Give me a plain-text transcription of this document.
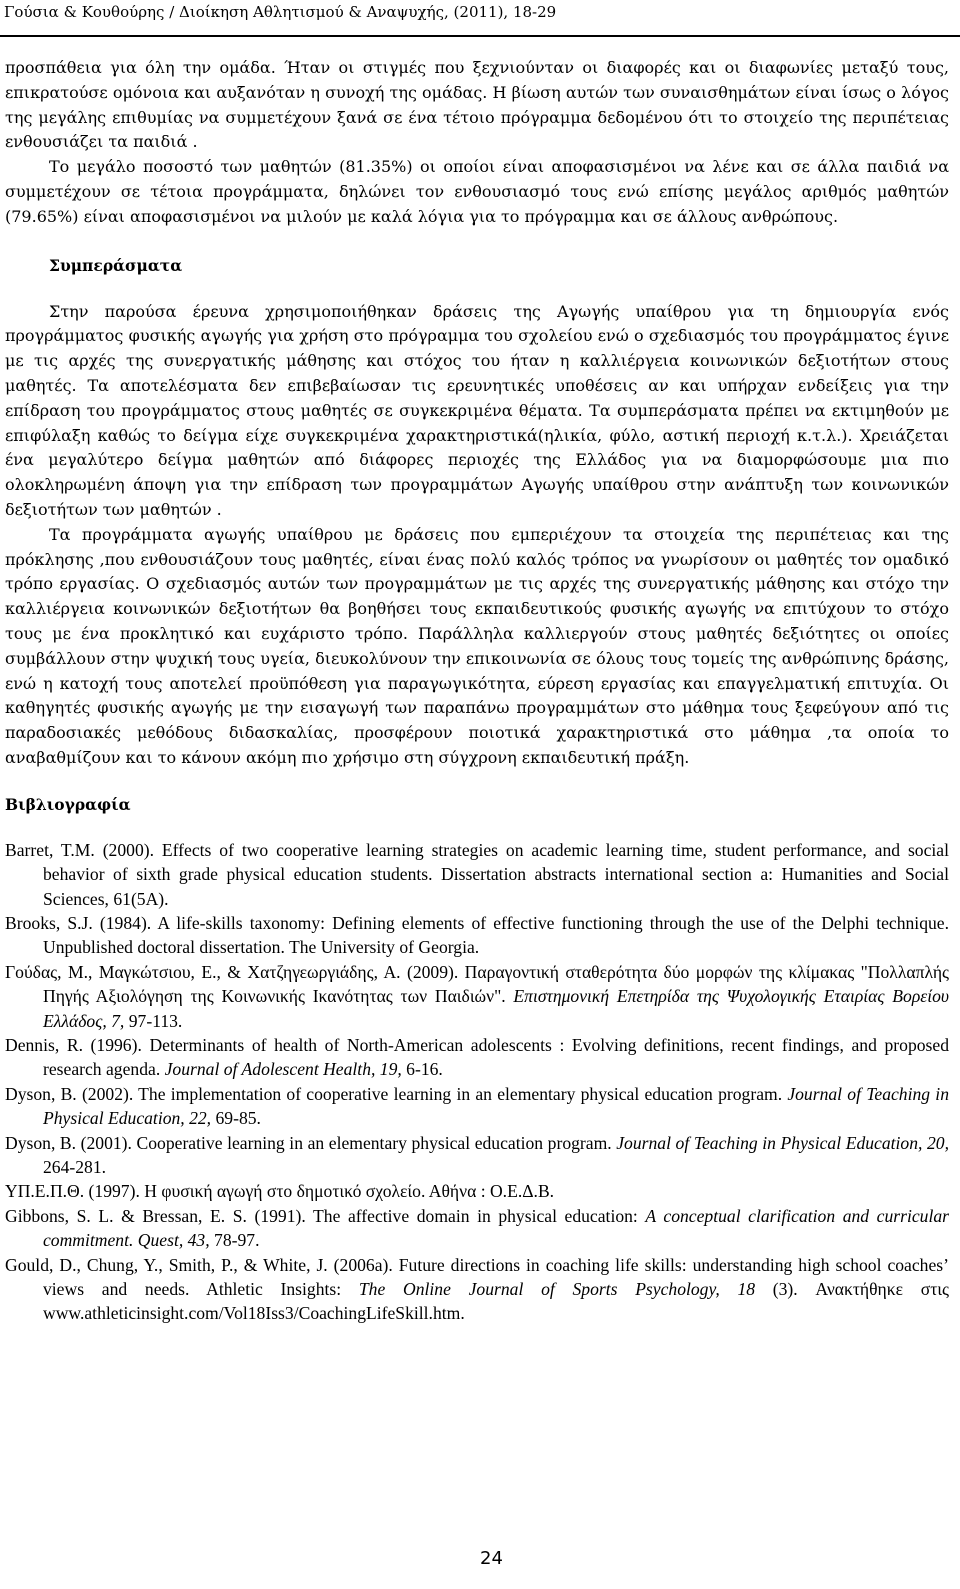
Γούσια & Κουθούρης / Διοίκηση Αθλητισμού & Αναψυχής, (2011), 18-29

προσπάθεια για όλη την ομάδα. Ήταν οι στιγμές που ξεχνιούνταν οι διαφορές και οι διαφωνίες μεταξύ τους, επικρατούσε ομόνοια και αυξανόταν η συνοχή της ομάδας. Η βίωση αυτών των συναισθημάτων είναι ίσως ο λόγος της μεγάλης επιθυμίας να συμμετέχουν ξανά σε ένα τέτοιο πρόγραμμα δεδομένου ότι το στοιχείο της περιπέτειας ενθουσιάζει τα παιδιά .

Το μεγάλο ποσοστό των μαθητών (81.35%) οι οποίοι είναι αποφασισμένοι να λένε και σε άλλα παιδιά να συμμετέχουν σε τέτοια προγράμματα, δηλώνει τον ενθουσιασμό τους ενώ επίσης μεγάλος αριθμός μαθητών (79.65%) είναι αποφασισμένοι να μιλούν με καλά λόγια για το πρόγραμμα και σε άλλους ανθρώπους.

Συμπεράσματα

Στην παρούσα έρευνα χρησιμοποιήθηκαν δράσεις της Αγωγής υπαίθρου για τη δημιουργία ενός προγράμματος φυσικής αγωγής για χρήση στο πρόγραμμα του σχολείου ενώ ο σχεδιασμός του προγράμματος έγινε με τις αρχές της συνεργατικής μάθησης και στόχος του ήταν η καλλιέργεια κοινωνικών δεξιοτήτων στους μαθητές. Τα αποτελέσματα δεν επιβεβαίωσαν τις ερευνητικές υποθέσεις αν και υπήρχαν ενδείξεις για την επίδραση του προγράμματος στους μαθητές σε συγκεκριμένα θέματα. Τα συμπεράσματα πρέπει να εκτιμηθούν με επιφύλαξη καθώς το δείγμα είχε συγκεκριμένα χαρακτηριστικά(ηλικία, φύλο, αστική περιοχή κ.τ.λ.). Χρειάζεται ένα μεγαλύτερο δείγμα μαθητών από διάφορες περιοχές της Ελλάδος για να διαμορφώσουμε μια πιο ολοκληρωμένη άποψη για την επίδραση των προγραμμάτων Αγωγής υπαίθρου στην ανάπτυξη των κοινωνικών δεξιοτήτων των μαθητών .

Τα προγράμματα αγωγής υπαίθρου με δράσεις που εμπεριέχουν τα στοιχεία της περιπέτειας και της πρόκλησης ,που ενθουσιάζουν τους μαθητές, είναι ένας πολύ καλός τρόπος να γνωρίσουν οι μαθητές τον ομαδικό τρόπο εργασίας. Ο σχεδιασμός αυτών των προγραμμάτων με τις αρχές της συνεργατικής μάθησης και στόχο την καλλιέργεια κοινωνικών δεξιοτήτων θα βοηθήσει τους εκπαιδευτικούς φυσικής αγωγής να επιτύχουν το στόχο τους με ένα προκλητικό και ευχάριστο τρόπο. Παράλληλα καλλιεργούν στους μαθητές δεξιότητες οι οποίες συμβάλλουν στην ψυχική τους υγεία, διευκολύνουν την επικοινωνία σε όλους τους τομείς της ανθρώπινης δράσης, ενώ η κατοχή τους αποτελεί προϋπόθεση για παραγωγικότητα, εύρεση εργασίας και επαγγελματική επιτυχία. Οι καθηγητές φυσικής αγωγής με την εισαγωγή των παραπάνω προγραμμάτων στο μάθημα τους ξεφεύγουν από τις παραδοσιακές μεθόδους διδασκαλίας, προσφέρουν ποιοτικά χαρακτηριστικά στο μάθημα ,τα οποία το αναβαθμίζουν και το κάνουν ακόμη πιο χρήσιμο στη σύγχρονη εκπαιδευτική πράξη.

Βιβλιογραφία

Barret, T.M. (2000). Effects of two cooperative learning strategies on academic learning time, student performance, and social behavior of sixth grade physical education students. Dissertation abstracts international section a: Humanities and Social Sciences, 61(5A).

Brooks, S.J. (1984). A life-skills taxonomy: Defining elements of effective functioning through the use of the Delphi technique. Unpublished doctoral dissertation. The University of Georgia.

Γούδας, Μ., Μαγκώτσιου, Ε., & Χατζηγεωργιάδης, Α. (2009). Παραγοντική σταθερότητα δύο μορφών της κλίμακας "Πολλαπλής Πηγής Αξιολόγηση της Κοινωνικής Ικανότητας των Παιδιών". Επιστημονική Επετηρίδα της Ψυχολογικής Εταιρίας Βορείου Ελλάδος, 7, 97-113.

Dennis, R. (1996). Determinants of health of North-American adolescents : Evolving definitions, recent findings, and proposed research agenda. Journal of Adolescent Health, 19, 6-16.

Dyson, B. (2002). The implementation of cooperative learning in an elementary physical education program. Journal of Teaching in Physical Education, 22, 69-85.

Dyson, B. (2001). Cooperative learning in an elementary physical education program. Journal of Teaching in Physical Education, 20, 264-281.

ΥΠ.Ε.Π.Θ. (1997). Η φυσική αγωγή στο δημοτικό σχολείο. Αθήνα : Ο.Ε.Δ.Β.

Gibbons, S. L. & Bressan, E. S. (1991). The affective domain in physical education: A conceptual clarification and curricular commitment. Quest, 43, 78-97.

Gould, D., Chung, Y., Smith, P., & White, J. (2006a). Future directions in coaching life skills: understanding high school coaches’ views and needs. Athletic Insights: The Online Journal of Sports Psychology, 18 (3). Ανακτήθηκε στις www.athleticinsight.com/Vol18Iss3/CoachingLifeSkill.htm.

24
